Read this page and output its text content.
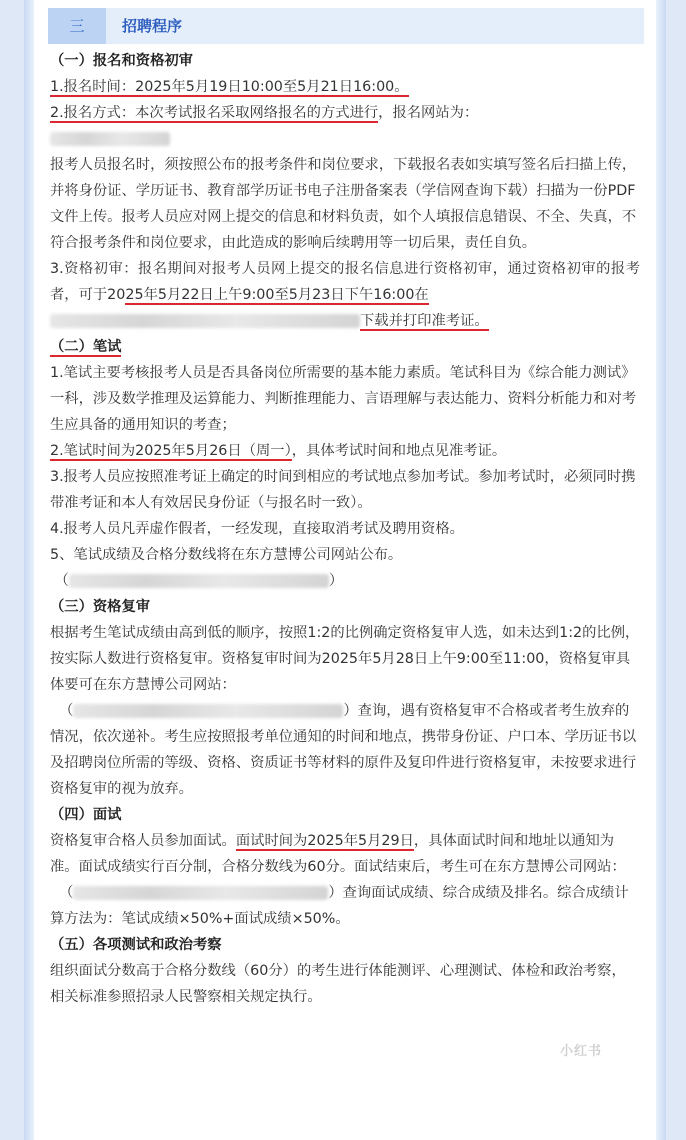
三	招聘程序

（一）报名和资格初审

1.报名时间：2025年5月19日10:00至5月21日16:00。

2.报名方式：本次考试报名采取网络报名的方式进行，报名网站为：

报考人员报名时，须按照公布的报考条件和岗位要求，下载报名表如实填写签名后扫描上传，并将身份证、学历证书、教育部学历证书电子注册备案表（学信网查询下载）扫描为一份PDF文件上传。报考人员应对网上提交的信息和材料负责，如个人填报信息错误、不全、失真，不符合报考条件和岗位要求，由此造成的影响后续聘用等一切后果，责任自负。

3.资格初审：报名期间对报考人员网上提交的报名信息进行资格初审，通过资格初审的报考者，可于2025年5月22日上午9:00至5月23日下午16:00在

下载并打印准考证。

（二）笔试

1.笔试主要考核报考人员是否具备岗位所需要的基本能力素质。笔试科目为《综合能力测试》一科，涉及数学推理及运算能力、判断推理能力、言语理解与表达能力、资料分析能力和对考生应具备的通用知识的考查；

2.笔试时间为2025年5月26日（周一），具体考试时间和地点见准考证。

3.报考人员应按照准考证上确定的时间到相应的考试地点参加考试。参加考试时，必须同时携带准考证和本人有效居民身份证（与报名时一致）。

4.报考人员凡弄虚作假者，一经发现，直接取消考试及聘用资格。

5、笔试成绩及合格分数线将在东方慧博公司网站公布。

（	）

（三）资格复审

根据考生笔试成绩由高到低的顺序，按照1:2的比例确定资格复审人选，如未达到1:2的比例，按实际人数进行资格复审。资格复审时间为2025年5月28日上午9:00至11:00，资格复审具体要可在东方慧博公司网站：

（	）查询，遇有资格复审不合格或者考生放弃的情况，依次递补。考生应按照报考单位通知的时间和地点，携带身份证、户口本、学历证书以及招聘岗位所需的等级、资格、资质证书等材料的原件及复印件进行资格复审，未按要求进行资格复审的视为放弃。

（四）面试

资格复审合格人员参加面试。面试时间为2025年5月29日，具体面试时间和地址以通知为准。面试成绩实行百分制，合格分数线为60分。面试结束后，考生可在东方慧博公司网站：

（	）查询面试成绩、综合成绩及排名。综合成绩计算方法为：笔试成绩×50%+面试成绩×50%。

（五）各项测试和政治考察

组织面试分数高于合格分数线（60分）的考生进行体能测评、心理测试、体检和政治考察，相关标准参照招录人民警察相关规定执行。

小红书
